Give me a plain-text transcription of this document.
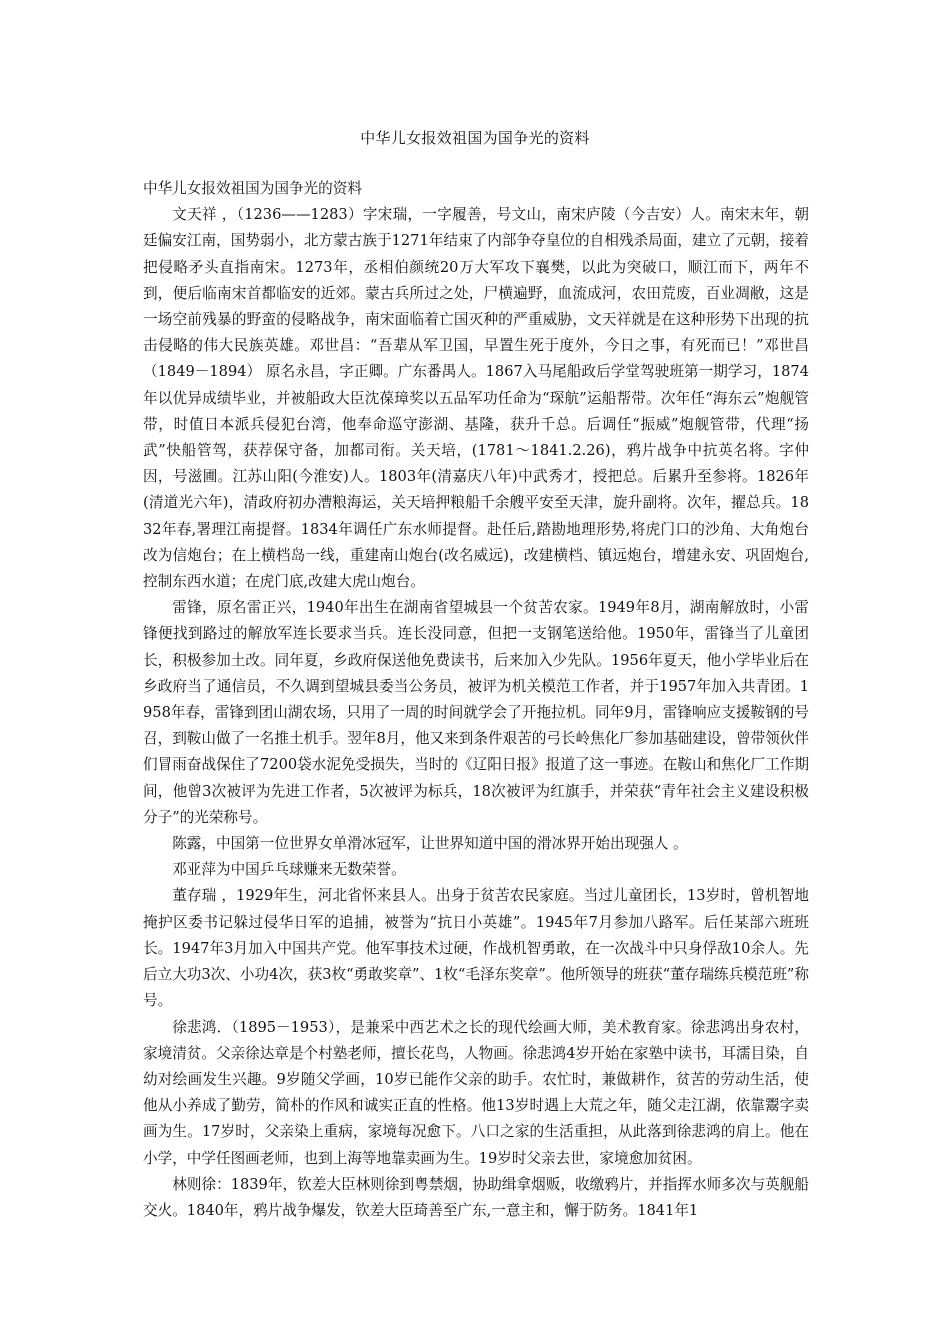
中华儿女报效祖国为国争光的资料

中华儿女报效祖国为国争光的资料

文天祥 ，（1236——1283）字宋瑞，一字履善，号文山，南宋庐陵（今吉安）人。南宋末年，朝廷偏安江南，国势弱小，北方蒙古族于1271年结束了内部争夺皇位的自相残杀局面，建立了元朝，接着把侵略矛头直指南宋。1273年，丞相伯颜统20万大军攻下襄樊，以此为突破口，顺江而下，两年不到，便后临南宋首都临安的近郊。蒙古兵所过之处，尸横遍野，血流成河，农田荒废，百业凋敝，这是一场空前残暴的野蛮的侵略战争，南宋面临着亡国灭种的严重威胁，文天祥就是在这种形势下出现的抗击侵略的伟大民族英雄。邓世昌：“吾辈从军卫国，早置生死于度外，今日之事，有死而已！”邓世昌（1849－1894） 原名永昌，字正卿。广东番禺人。1867入马尾船政后学堂驾驶班第一期学习，1874年以优异成绩毕业，并被船政大臣沈葆璋奖以五品军功任命为“琛航”运船帮带。次年任“海东云”炮舰管带，时值日本派兵侵犯台湾，他奉命巡守澎湖、基隆，获升千总。后调任“振威”炮舰管带，代理“扬武”快船管驾，获荐保守备，加都司衔。关天培，(1781～1841.2.26)，鸦片战争中抗英名将。字仲因，号滋圃。江苏山阳(今淮安)人。1803年(清嘉庆八年)中武秀才，授把总。后累升至参将。1826年(清道光六年)，清政府初办漕粮海运，关天培押粮船千余艘平安至天津，旋升副将。次年，擢总兵。1832年春,署理江南提督。1834年调任广东水师提督。赴任后,踏勘地理形势,将虎门口的沙角、大角炮台改为信炮台；在上横档岛一线，重建南山炮台(改名威远)，改建横档、镇远炮台，增建永安、巩固炮台,控制东西水道；在虎门底,改建大虎山炮台。

雷锋，原名雷正兴，1940年出生在湖南省望城县一个贫苦农家。1949年8月，湖南解放时，小雷锋便找到路过的解放军连长要求当兵。连长没同意，但把一支钢笔送给他。1950年，雷锋当了儿童团长，积极参加土改。同年夏，乡政府保送他免费读书，后来加入少先队。1956年夏天，他小学毕业后在乡政府当了通信员，不久调到望城县委当公务员，被评为机关模范工作者，并于1957年加入共青团。1958年春，雷锋到团山湖农场，只用了一周的时间就学会了开拖拉机。同年9月，雷锋响应支援鞍钢的号召，到鞍山做了一名推土机手。翌年8月，他又来到条件艰苦的弓长岭焦化厂参加基础建设，曾带领伙伴们冒雨奋战保住了7200袋水泥免受损失，当时的《辽阳日报》报道了这一事迹。在鞍山和焦化厂工作期间，他曾3次被评为先进工作者，5次被评为标兵，18次被评为红旗手，并荣获“青年社会主义建设积极分子”的光荣称号。

陈露，中国第一位世界女单滑冰冠军，让世界知道中国的滑冰界开始出现强人 。

邓亚萍为中国乒乓球赚来无数荣誉。

董存瑞 ，1929年生，河北省怀来县人。出身于贫苦农民家庭。当过儿童团长，13岁时，曾机智地掩护区委书记躲过侵华日军的追捕，被誉为“抗日小英雄”。1945年7月参加八路军。后任某部六班班长。1947年3月加入中国共产党。他军事技术过硬，作战机智勇敢，在一次战斗中只身俘敌10余人。先后立大功3次、小功4次，获3枚“勇敢奖章”、1枚“毛泽东奖章”。他所领导的班获“董存瑞练兵模范班”称号。

徐悲鸿．（1895－1953），是兼采中西艺术之长的现代绘画大师，美术教育家。徐悲鸿出身农村，家境清贫。父亲徐达章是个村塾老师，擅长花鸟，人物画。徐悲鸿4岁开始在家塾中读书，耳濡目染，自幼对绘画发生兴趣。9岁随父学画，10岁已能作父亲的助手。农忙时，兼做耕作，贫苦的劳动生活，使他从小养成了勤劳，简朴的作风和诚实正直的性格。他13岁时遇上大荒之年，随父走江湖，依靠鬻字卖画为生。17岁时，父亲染上重病，家境每况愈下。八口之家的生活重担，从此落到徐悲鸿的肩上。他在小学，中学任图画老师，也到上海等地靠卖画为生。19岁时父亲去世，家境愈加贫困。

林则徐：1839年，钦差大臣林则徐到粤禁烟，协助缉拿烟贩，收缴鸦片，并指挥水师多次与英舰船交火。1840年，鸦片战争爆发，钦差大臣琦善至广东,一意主和，懈于防务。1841年1
